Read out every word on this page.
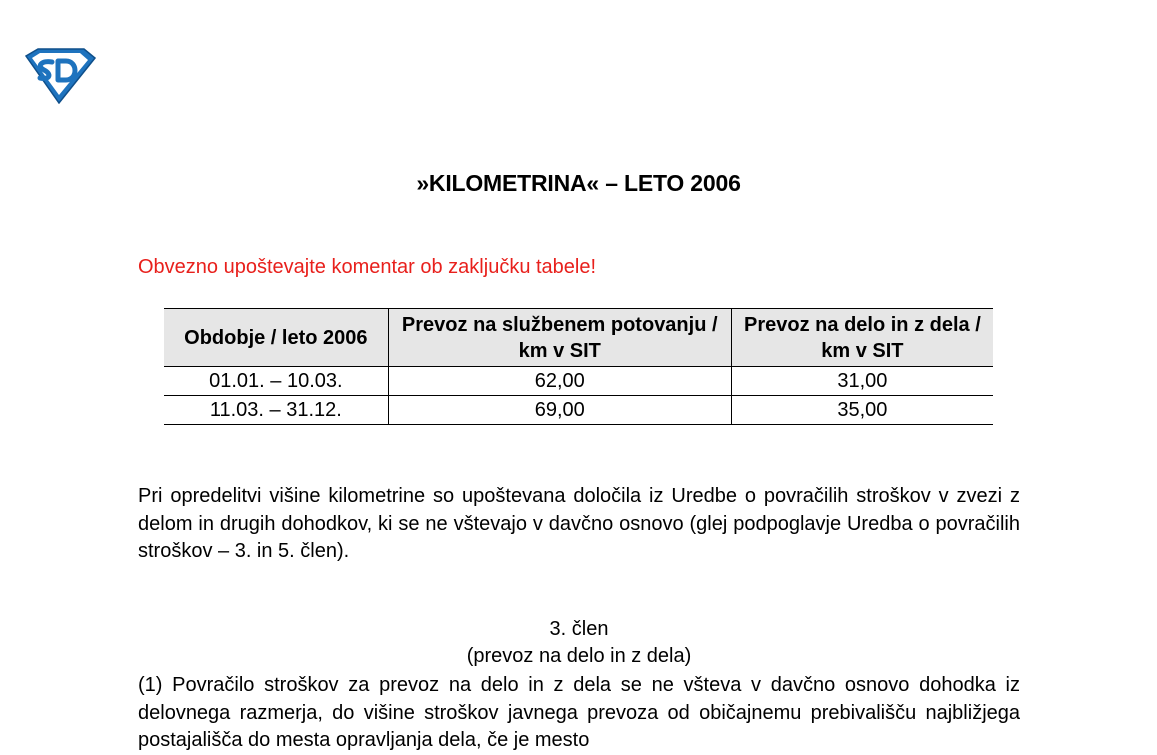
»KILOMETRINA« – LETO 2006
Obvezno upoštevajte komentar ob zaključku tabele!
Obdobje / leto 2006	Prevoz na službenem potovanju / km v SIT	Prevoz na delo in z dela / km v SIT
01.01. – 10.03.	62,00	31,00
11.03. – 31.12.	69,00	35,00
Pri opredelitvi višine kilometrine so upoštevana določila iz Uredbe o povračilih stroškov v zvezi z delom in drugih dohodkov, ki se ne vštevajo v davčno osnovo (glej podpoglavje Uredba o povračilih stroškov – 3. in 5. člen).
3. člen
(prevoz na delo in z dela)
(1) Povračilo stroškov za prevoz na delo in z dela se ne všteva v davčno osnovo dohodka iz delovnega razmerja, do višine stroškov javnega prevoza od običajnemu prebivališču najbližjega postajališča do mesta opravljanja dela, če je mesto
